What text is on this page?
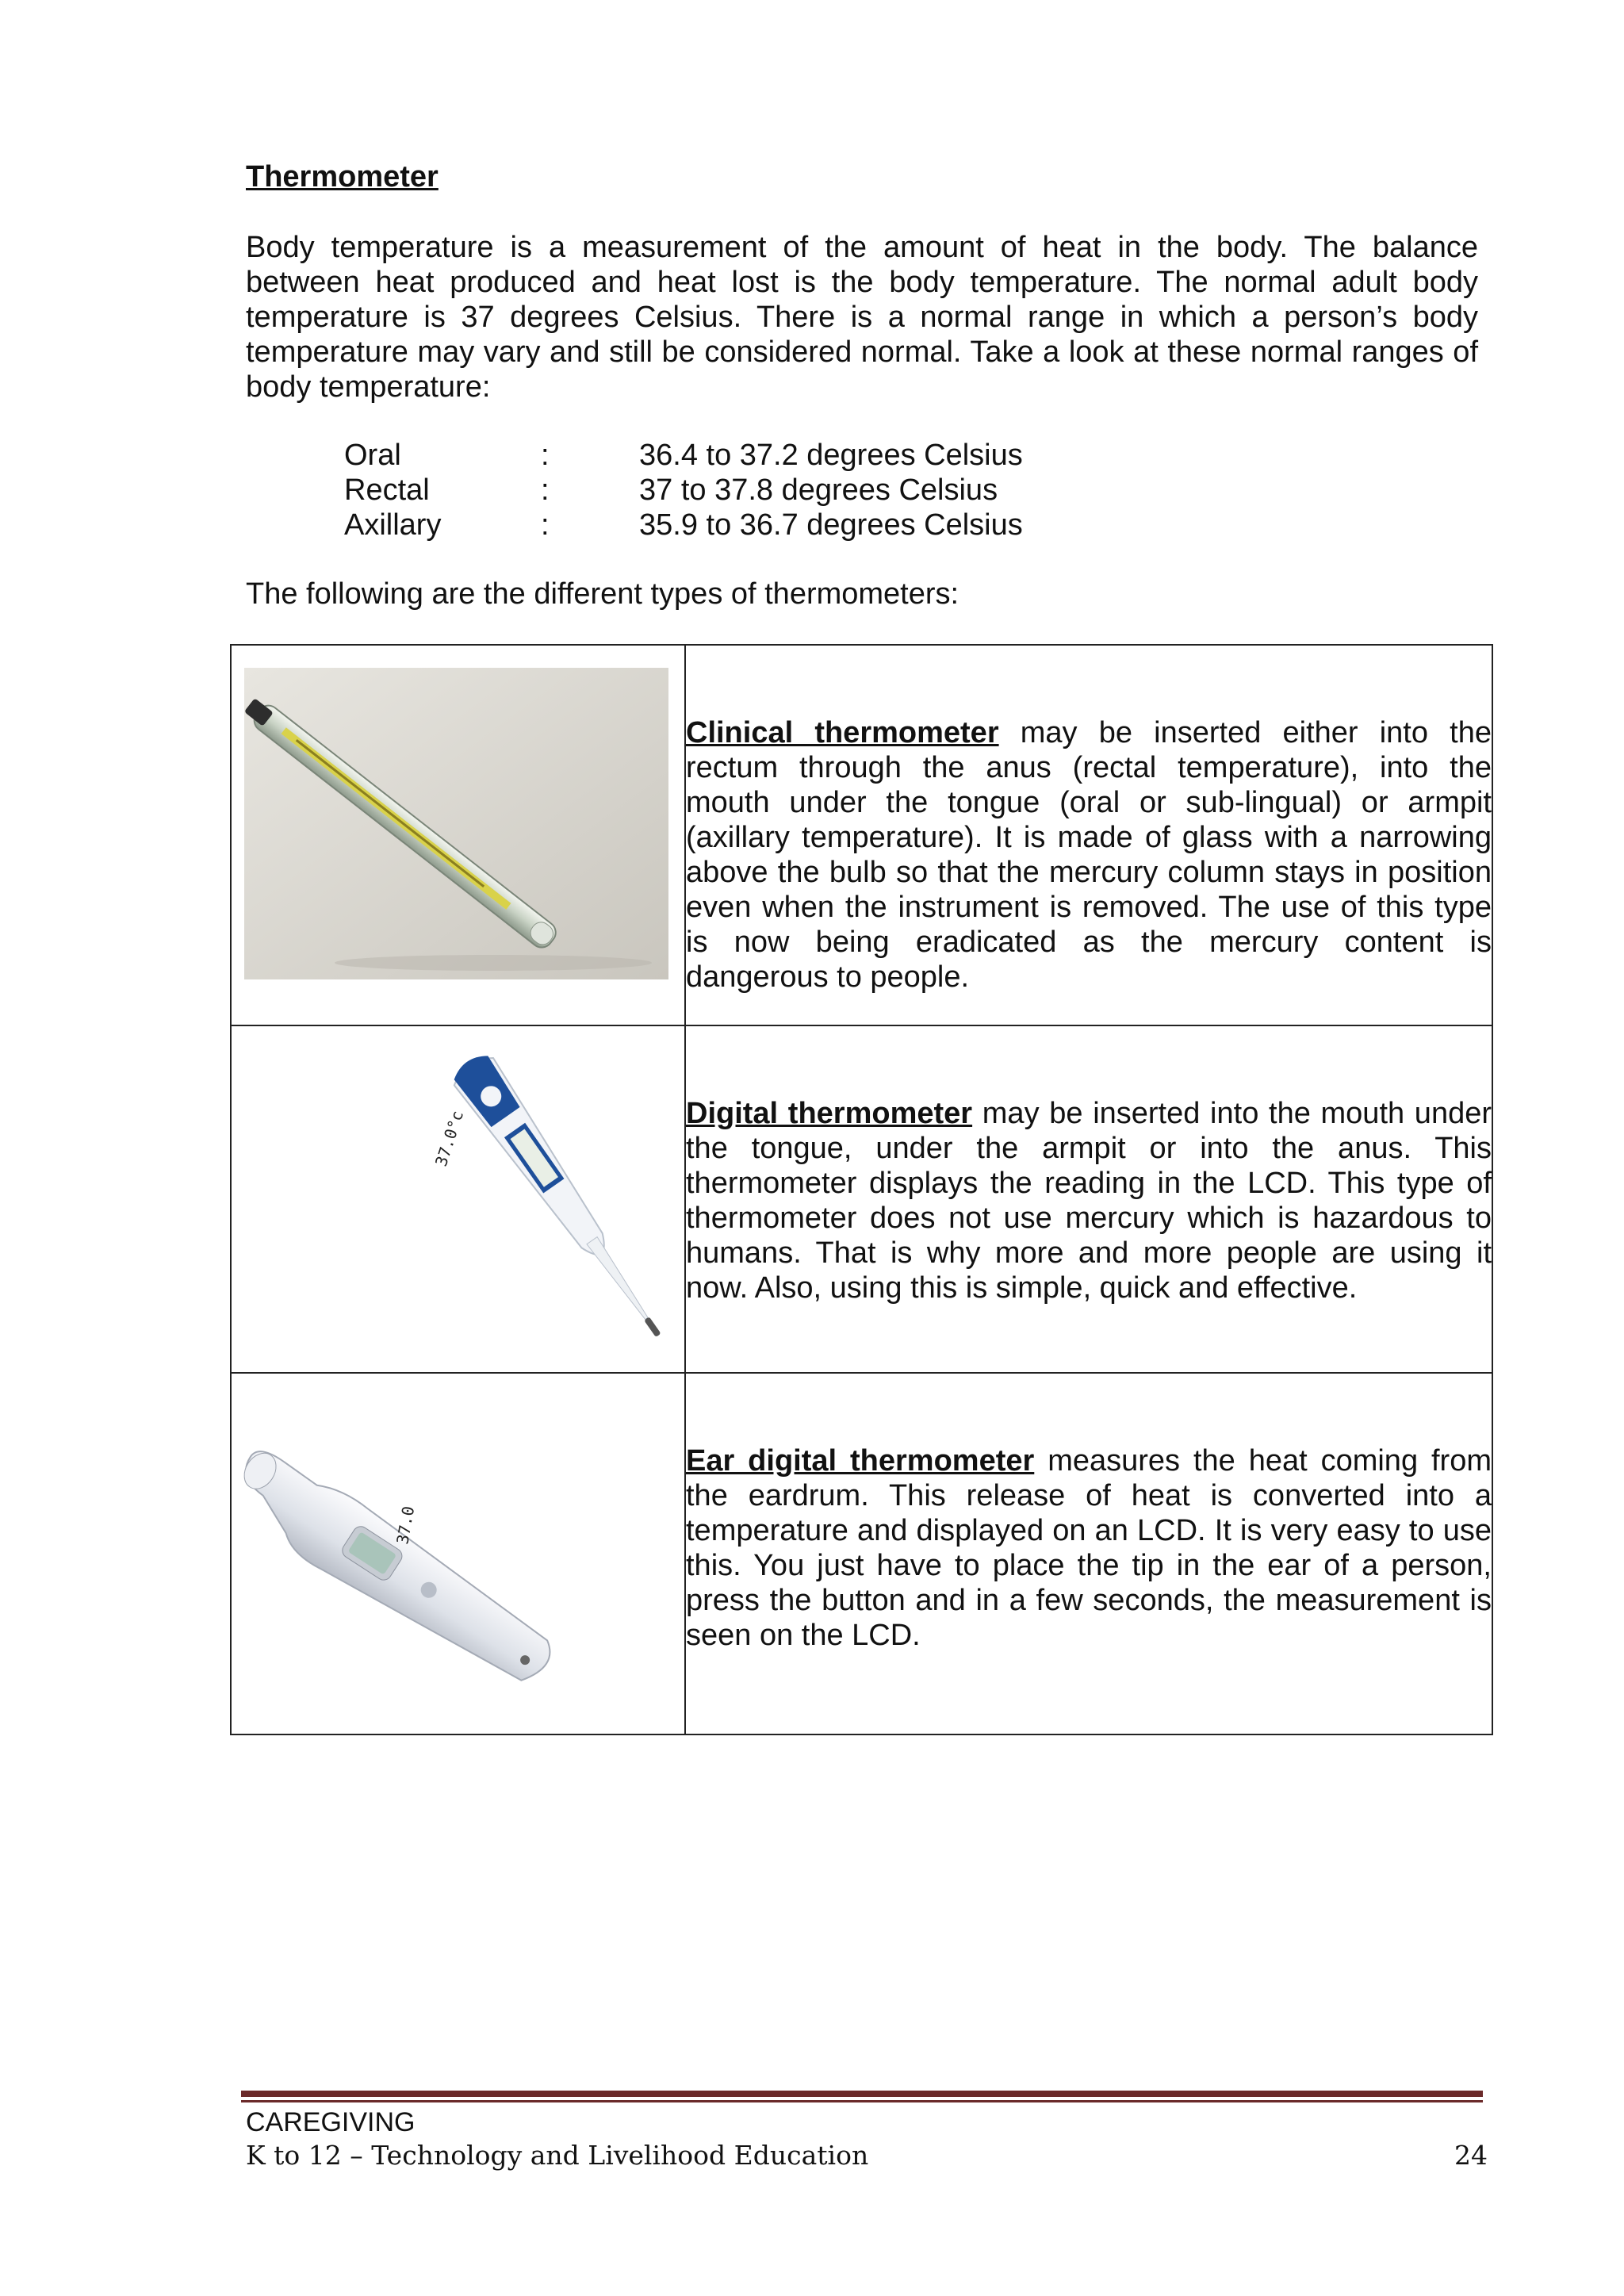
Thermometer

Body temperature is a measurement of the amount of heat in the body. The balance between heat produced and heat lost is the body temperature. The normal adult body temperature is 37 degrees Celsius. There is a normal range in which a person’s body temperature may vary and still be considered normal. Take a look at these normal ranges of body temperature:

Oral	:	36.4 to 37.2 degrees Celsius
Rectal	:	37 to 37.8 degrees Celsius
Axillary	:	35.9 to 36.7 degrees Celsius

The following are the different types of thermometers:

Clinical thermometer may be inserted either into the rectum through the anus (rectal temperature), into the mouth under the tongue (oral or sub-lingual) or armpit (axillary temperature). It is made of glass with a narrowing above the bulb so that the mercury column stays in position even when the instrument is removed. The use of this type is now being eradicated as the mercury content is dangerous to people.

37.0°c	Digital thermometer may be inserted into the mouth under the tongue, under the armpit or into the anus. This thermometer displays the reading in the LCD. This type of thermometer does not use mercury which is hazardous to humans. That is why more and more people are using it now. Also, using this is simple, quick and effective.

37.0	Ear digital thermometer measures the heat coming from the eardrum. This release of heat is converted into a temperature and displayed on an LCD. It is very easy to use this. You just have to place the tip in the ear of a person, press the button and in a few seconds, the measurement is seen on the LCD.

CAREGIVING
K to 12 – Technology and Livelihood Education	24
